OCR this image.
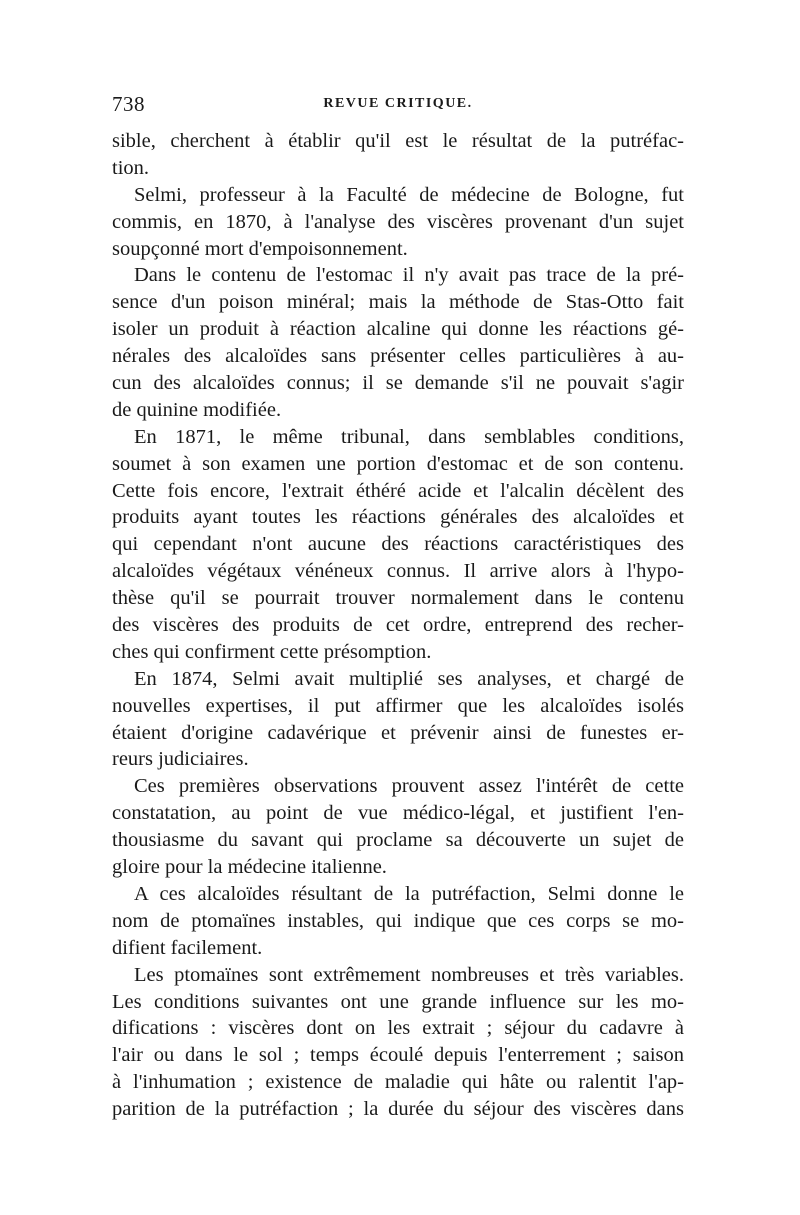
738	REVUE CRITIQUE.
sible, cherchent à établir qu'il est le résultat de la putréfac-
tion.
Selmi, professeur à la Faculté de médecine de Bologne, fut
commis, en 1870, à l'analyse des viscères provenant d'un sujet
soupçonné mort d'empoisonnement.
Dans le contenu de l'estomac il n'y avait pas trace de la pré-
sence d'un poison minéral; mais la méthode de Stas-Otto fait
isoler un produit à réaction alcaline qui donne les réactions gé-
nérales des alcaloïdes sans présenter celles particulières à au-
cun des alcaloïdes connus; il se demande s'il ne pouvait s'agir
de quinine modifiée.
En 1871, le même tribunal, dans semblables conditions,
soumet à son examen une portion d'estomac et de son contenu.
Cette fois encore, l'extrait éthéré acide et l'alcalin décèlent des
produits ayant toutes les réactions générales des alcaloïdes et
qui cependant n'ont aucune des réactions caractéristiques des
alcaloïdes végétaux vénéneux connus. Il arrive alors à l'hypo-
thèse qu'il se pourrait trouver normalement dans le contenu
des viscères des produits de cet ordre, entreprend des recher-
ches qui confirment cette présomption.
En 1874, Selmi avait multiplié ses analyses, et chargé de
nouvelles expertises, il put affirmer que les alcaloïdes isolés
étaient d'origine cadavérique et prévenir ainsi de funestes er-
reurs judiciaires.
Ces premières observations prouvent assez l'intérêt de cette
constatation, au point de vue médico-légal, et justifient l'en-
thousiasme du savant qui proclame sa découverte un sujet de
gloire pour la médecine italienne.
A ces alcaloïdes résultant de la putréfaction, Selmi donne le
nom de ptomaïnes instables, qui indique que ces corps se mo-
difient facilement.
Les ptomaïnes sont extrêmement nombreuses et très variables.
Les conditions suivantes ont une grande influence sur les mo-
difications : viscères dont on les extrait ; séjour du cadavre à
l'air ou dans le sol ; temps écoulé depuis l'enterrement ; saison
à l'inhumation ; existence de maladie qui hâte ou ralentit l'ap-
parition de la putréfaction ; la durée du séjour des viscères dans
